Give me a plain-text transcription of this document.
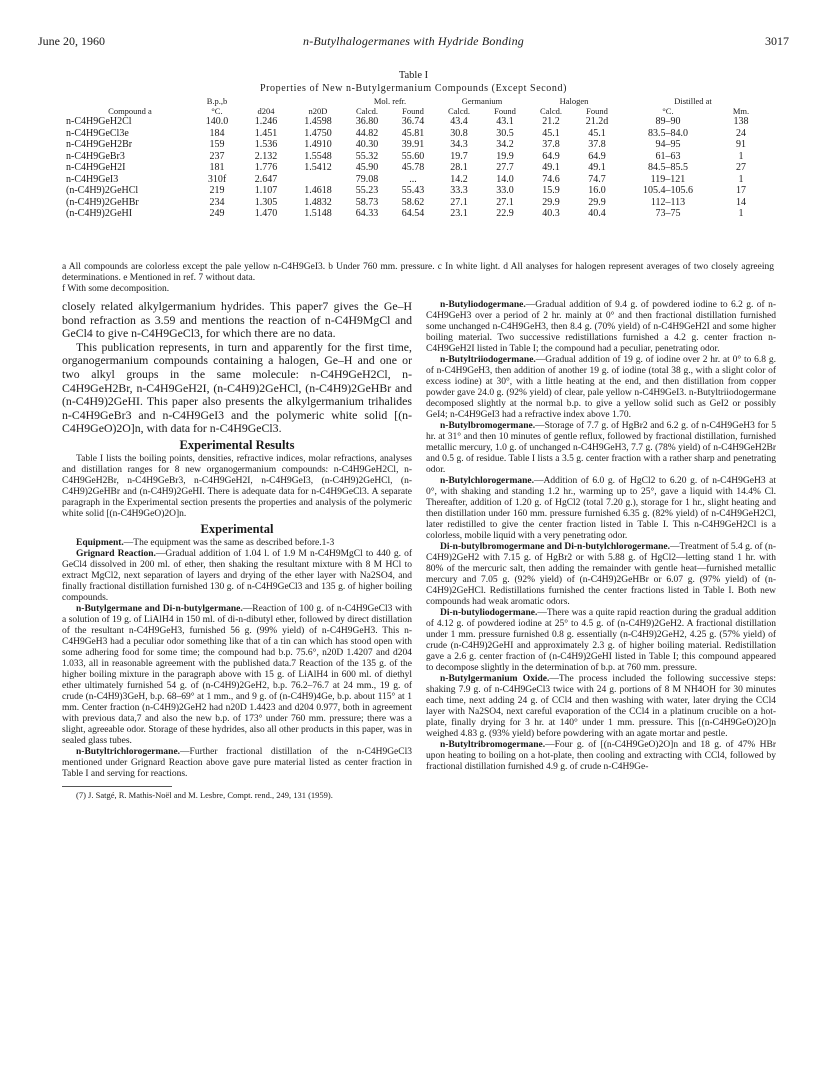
June 20, 1960	n-Butylhalogermanes with Hydride Bonding	3017
Table I
Properties of New n-Butylgermanium Compounds (Except Second)
	B.p.,b			Mol. refr.		Germanium		Halogen		Distilled at	
Compound a	°C.	d204	n20D	Calcd.	Found	Calcd.	Found	Calcd.	Found	°C.	Mm.
n-C4H9GeH2Cl	140.0	1.246	1.4598	36.80	36.74	43.4	43.1	21.2	21.2d	89–90	138
n-C4H9GeCl3e	184	1.451	1.4750	44.82	45.81	30.8	30.5	45.1	45.1	83.5–84.0	24
n-C4H9GeH2Br	159	1.536	1.4910	40.30	39.91	34.3	34.2	37.8	37.8	94–95	91
n-C4H9GeBr3	237	2.132	1.5548	55.32	55.60	19.7	19.9	64.9	64.9	61–63	1
n-C4H9GeH2I	181	1.776	1.5412	45.90	45.78	28.1	27.7	49.1	49.1	84.5–85.5	27
n-C4H9GeI3	310f	2.647		79.08	...	14.2	14.0	74.6	74.7	119–121	1
(n-C4H9)2GeHCl	219	1.107	1.4618	55.23	55.43	33.3	33.0	15.9	16.0	105.4–105.6	17
(n-C4H9)2GeHBr	234	1.305	1.4832	58.73	58.62	27.1	27.1	29.9	29.9	112–113	14
(n-C4H9)2GeHI	249	1.470	1.5148	64.33	64.54	23.1	22.9	40.3	40.4	73–75	1

a All compounds are colorless except the pale yellow n-C4H9GeI3. b Under 760 mm. pressure. c In white light. d All analyses for halogen represent averages of two closely agreeing determinations. e Mentioned in ref. 7 without data.

f With some decomposition.

closely related alkylgermanium hydrides. This paper7 gives the Ge–H bond refraction as 3.59 and mentions the reaction of n-C4H9MgCl and GeCl4 to give n-C4H9GeCl3, for which there are no data.

This publication represents, in turn and apparently for the first time, organogermanium compounds containing a halogen, Ge–H and one or two alkyl groups in the same molecule: n-C4H9GeH2Cl, n-C4H9GeH2Br, n-C4H9GeH2I, (n-C4H9)2GeHCl, (n-C4H9)2GeHBr and (n-C4H9)2GeHI. This paper also presents the alkylgermanium trihalides n-C4H9GeBr3 and n-C4H9GeI3 and the polymeric white solid [(n-C4H9GeO)2O]n, with data for n-C4H9GeCl3.

Experimental Results

Table I lists the boiling points, densities, refractive indices, molar refractions, analyses and distillation ranges for 8 new organogermanium compounds: n-C4H9GeH2Cl, n-C4H9GeH2Br, n-C4H9GeBr3, n-C4H9GeH2I, n-C4H9GeI3, (n-C4H9)2GeHCl, (n-C4H9)2GeHBr and (n-C4H9)2GeHI. There is adequate data for n-C4H9GeCl3. A separate paragraph in the Experimental section presents the properties and analysis of the polymeric white solid [(n-C4H9GeO)2O]n.

Experimental

Equipment.—The equipment was the same as described before.1-3

Grignard Reaction.—Gradual addition of 1.04 l. of 1.9 M n-C4H9MgCl to 440 g. of GeCl4 dissolved in 200 ml. of ether, then shaking the resultant mixture with 8 M HCl to extract MgCl2, next separation of layers and drying of the ether layer with Na2SO4, and finally fractional distillation furnished 130 g. of n-C4H9GeCl3 and 135 g. of higher boiling compounds.

n-Butylgermane and Di-n-butylgermane.—Reaction of 100 g. of n-C4H9GeCl3 with a solution of 19 g. of LiAlH4 in 150 ml. of di-n-dibutyl ether, followed by direct distillation of the resultant n-C4H9GeH3, furnished 56 g. (99% yield) of n-C4H9GeH3. This n-C4H9GeH3 had a peculiar odor something like that of a tin can which has stood open with some adhering food for some time; the compound had b.p. 75.6°, n20D 1.4207 and d204 1.033, all in reasonable agreement with the published data.7 Reaction of the 135 g. of the higher boiling mixture in the paragraph above with 15 g. of LiAlH4 in 600 ml. of diethyl ether ultimately furnished 54 g. of (n-C4H9)2GeH2, b.p. 76.2–76.7 at 24 mm., 19 g. of crude (n-C4H9)3GeH, b.p. 68–69° at 1 mm., and 9 g. of (n-C4H9)4Ge, b.p. about 115° at 1 mm. Center fraction (n-C4H9)2GeH2 had n20D 1.4423 and d204 0.977, both in agreement with previous data,7 and also the new b.p. of 173° under 760 mm. pressure; there was a slight, agreeable odor. Storage of these hydrides, also all other products in this paper, was in sealed glass tubes.

n-Butyltrichlorogermane.—Further fractional distillation of the n-C4H9GeCl3 mentioned under Grignard Reaction above gave pure material listed as center fraction in Table I and serving for reactions.

(7) J. Satgé, R. Mathis-Noël and M. Lesbre, Compt. rend., 249, 131 (1959).

n-Butyliodogermane.—Gradual addition of 9.4 g. of powdered iodine to 6.2 g. of n-C4H9GeH3 over a period of 2 hr. mainly at 0° and then fractional distillation furnished some unchanged n-C4H9GeH3, then 8.4 g. (70% yield) of n-C4H9GeH2I and some higher boiling material. Two successive redistillations furnished a 4.2 g. center fraction n-C4H9GeH2I listed in Table I; the compound had a peculiar, penetrating odor.

n-Butyltriiodogermane.—Gradual addition of 19 g. of iodine over 2 hr. at 0° to 6.8 g. of n-C4H9GeH3, then addition of another 19 g. of iodine (total 38 g., with a slight color of excess iodine) at 30°, with a little heating at the end, and then distillation from copper powder gave 24.0 g. (92% yield) of clear, pale yellow n-C4H9GeI3. n-Butyltriiodogermane decomposed slightly at the normal b.p. to give a yellow solid such as GeI2 or possibly GeI4; n-C4H9GeI3 had a refractive index above 1.70.

n-Butylbromogermane.—Storage of 7.7 g. of HgBr2 and 6.2 g. of n-C4H9GeH3 for 5 hr. at 31° and then 10 minutes of gentle reflux, followed by fractional distillation, furnished metallic mercury, 1.0 g. of unchanged n-C4H9GeH3, 7.7 g. (78% yield) of n-C4H9GeH2Br and 0.5 g. of residue. Table I lists a 3.5 g. center fraction with a rather sharp and penetrating odor.

n-Butylchlorogermane.—Addition of 6.0 g. of HgCl2 to 6.20 g. of n-C4H9GeH3 at 0°, with shaking and standing 1.2 hr., warming up to 25°, gave a liquid with 14.4% Cl. Thereafter, addition of 1.20 g. of HgCl2 (total 7.20 g.), storage for 1 hr., slight heating and then distillation under 160 mm. pressure furnished 6.35 g. (82% yield) of n-C4H9GeH2Cl, later redistilled to give the center fraction listed in Table I. This n-C4H9GeH2Cl is a colorless, mobile liquid with a very penetrating odor.

Di-n-butylbromogermane and Di-n-butylchlorogermane.—Treatment of 5.4 g. of (n-C4H9)2GeH2 with 7.15 g. of HgBr2 or with 5.88 g. of HgCl2—letting stand 1 hr. with 80% of the mercuric salt, then adding the remainder with gentle heat—furnished metallic mercury and 7.05 g. (92% yield) of (n-C4H9)2GeHBr or 6.07 g. (97% yield) of (n-C4H9)2GeHCl. Redistillations furnished the center fractions listed in Table I. Both new compounds had weak aromatic odors.

Di-n-butyliodogermane.—There was a quite rapid reaction during the gradual addition of 4.12 g. of powdered iodine at 25° to 4.5 g. of (n-C4H9)2GeH2. A fractional distillation under 1 mm. pressure furnished 0.8 g. essentially (n-C4H9)2GeH2, 4.25 g. (57% yield) of crude (n-C4H9)2GeHI and approximately 2.3 g. of higher boiling material. Redistillation gave a 2.6 g. center fraction of (n-C4H9)2GeHI listed in Table I; this compound appeared to decompose slightly in the determination of b.p. at 760 mm. pressure.

n-Butylgermanium Oxide.—The process included the following successive steps: shaking 7.9 g. of n-C4H9GeCl3 twice with 24 g. portions of 8 M NH4OH for 30 minutes each time, next adding 24 g. of CCl4 and then washing with water, later drying the CCl4 layer with Na2SO4, next careful evaporation of the CCl4 in a platinum crucible on a hot-plate, finally drying for 3 hr. at 140° under 1 mm. pressure. This [(n-C4H9GeO)2O]n weighed 4.83 g. (93% yield) before powdering with an agate mortar and pestle.

n-Butyltribromogermane.—Four g. of [(n-C4H9GeO)2O]n and 18 g. of 47% HBr upon heating to boiling on a hot-plate, then cooling and extracting with CCl4, followed by fractional distillation furnished 4.9 g. of crude n-C4H9Ge-
